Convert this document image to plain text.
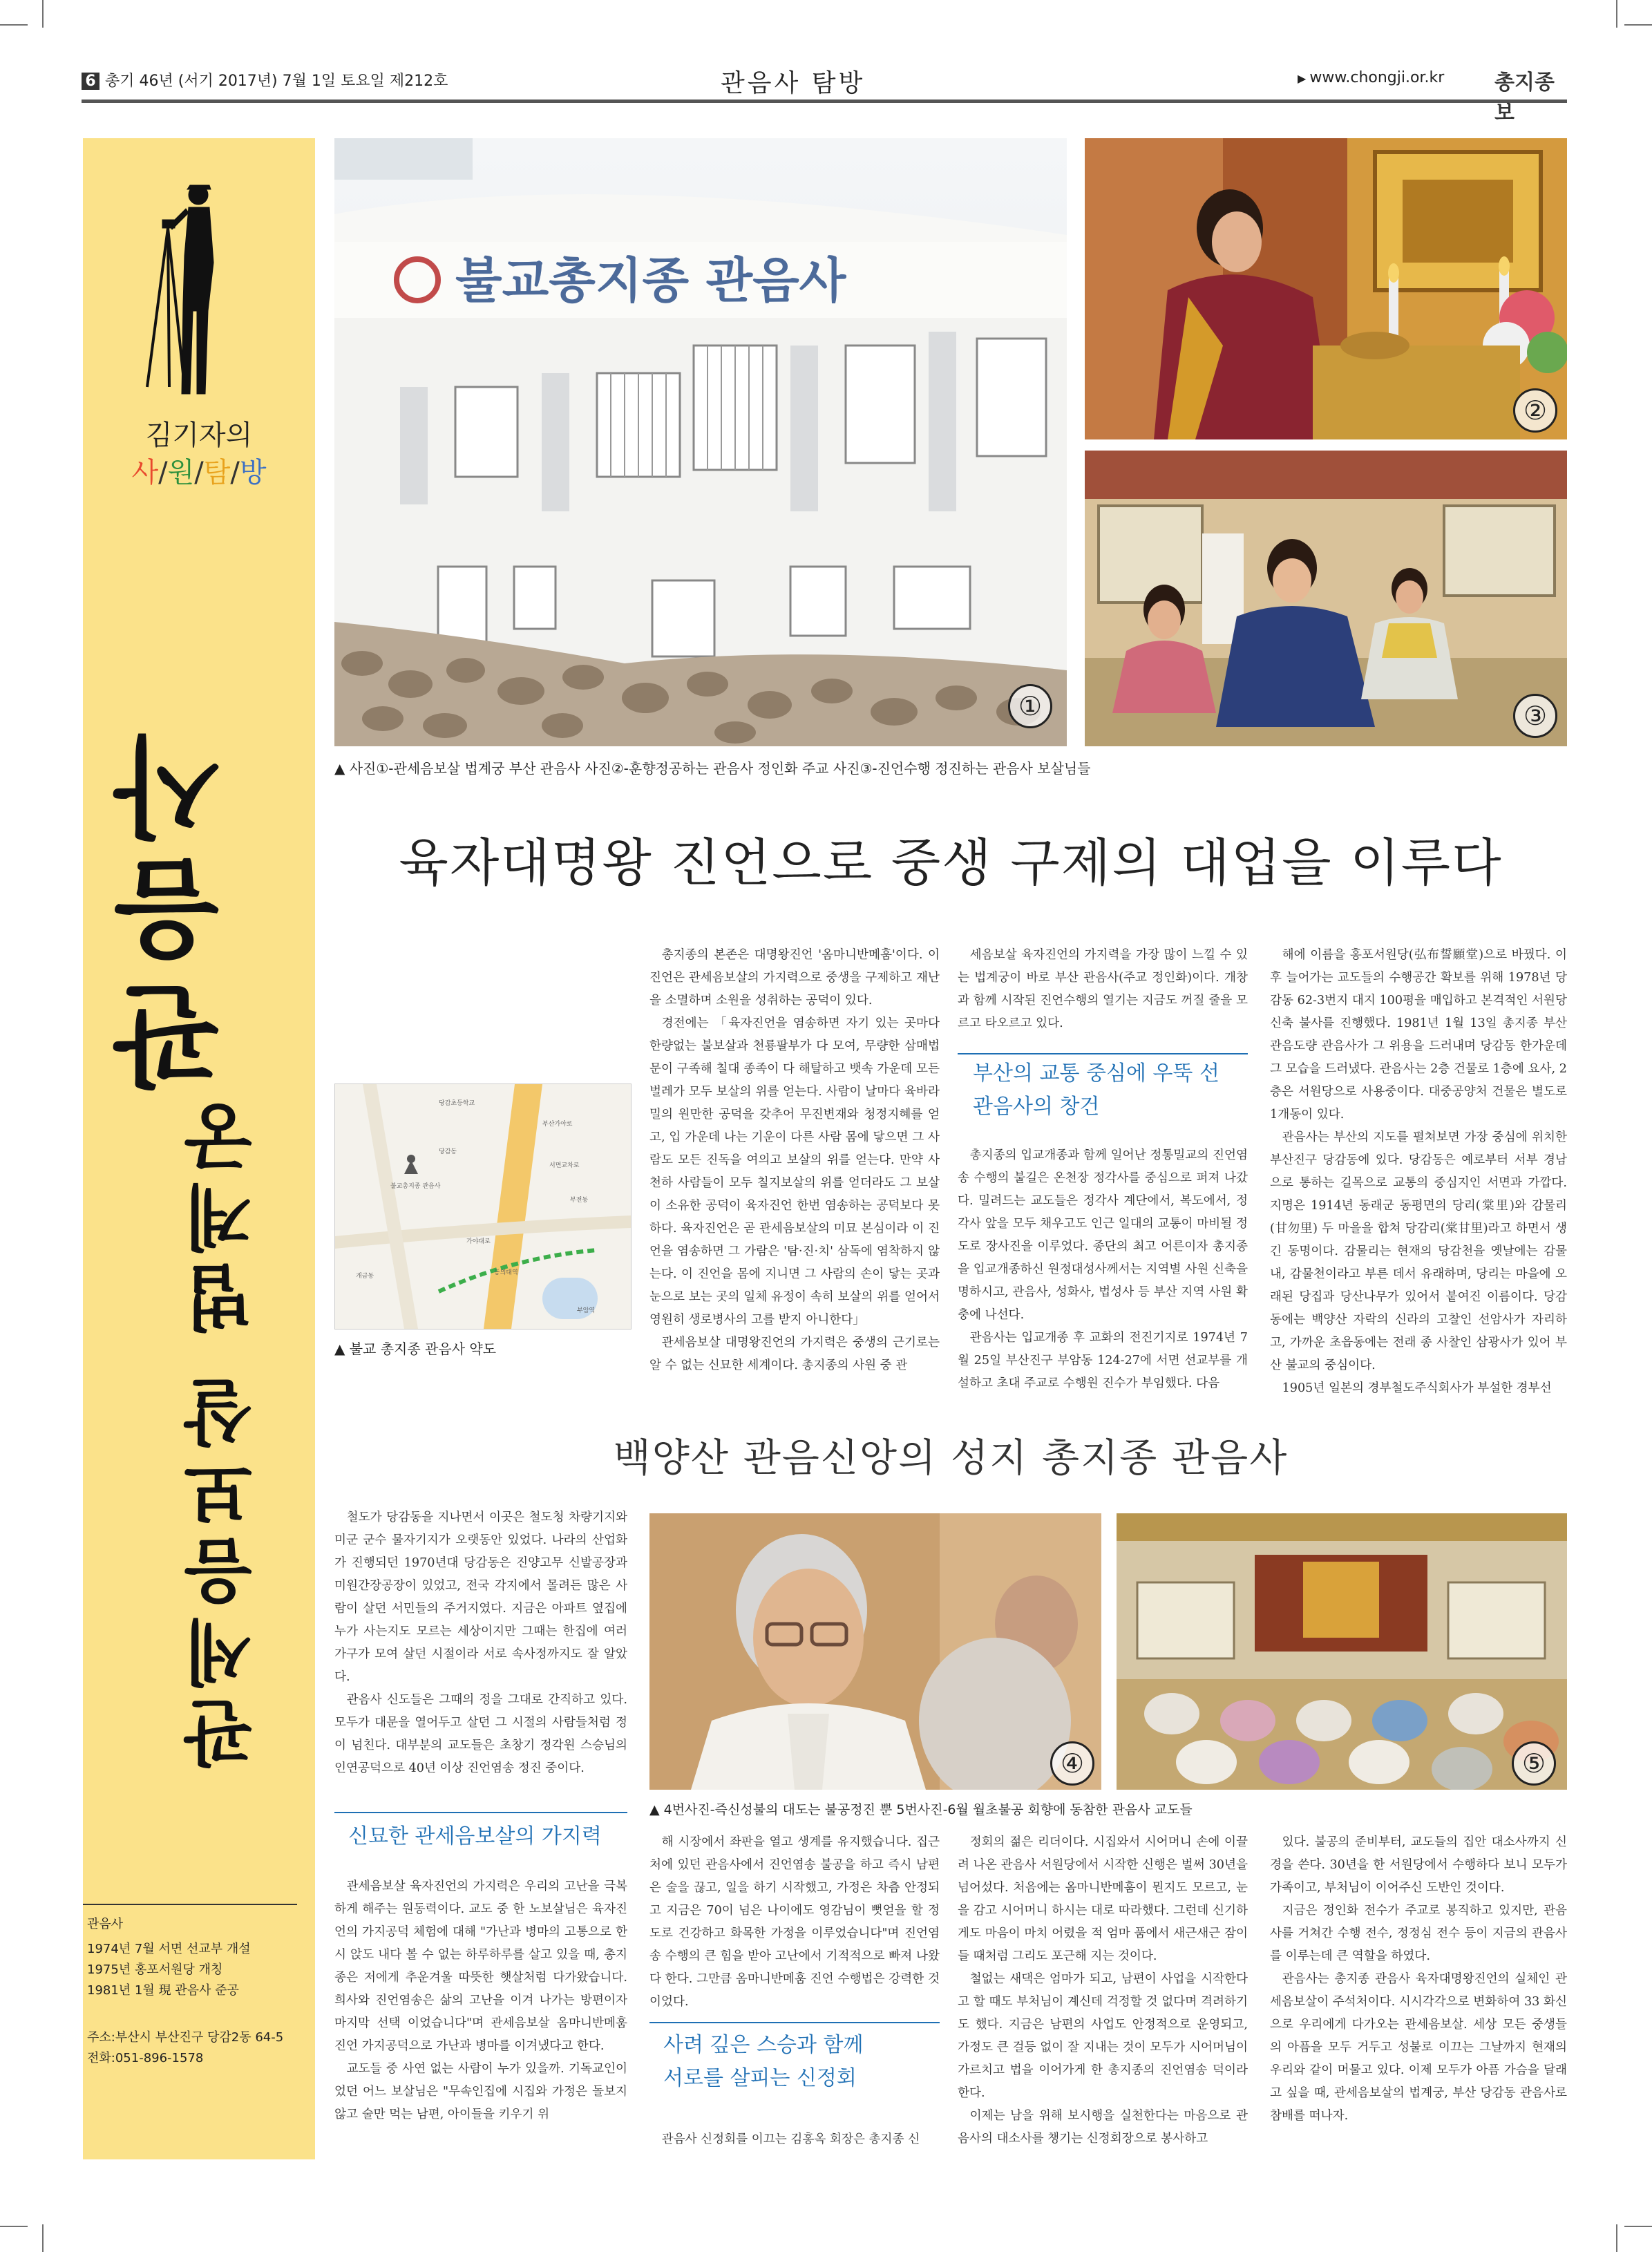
6 총기 46년 (서기 2017년) 7월 1일 토요일 제212호	관음사 탐방	▶ www.chongji.or.kr 총지종보
김기자의
사/원/탐/방
관세음보살 법계궁
관음사
관음사
1974년 7월 서면 선교부 개설
1975년 홍포서원당 개칭
1981년 1월 現 관음사 준공
주소:부산시 부산진구 당감2동 64-5
전화:051-896-1578
불교총지종 관음사
①
②
③
▲ 사진①-관세음보살 법계궁 부산 관음사 사진②-훈향정공하는 관음사 정인화 주교 사진③-진언수행 정진하는 관음사 보살님들
육자대명왕 진언으로 중생 구제의 대업을 이루다
당감초등학교
부산가야로
서면교차로
불교총지종 관음사
당감동
부전동
가야대로
개금동	동의대역
부암역
▲ 불교 총지종 관음사 약도

총지종의 본존은 대명왕진언 '옴마니반메훔'이다. 이 진언은 관세음보살의 가지력으로 중생을 구제하고 재난을 소멸하며 소원을 성취하는 공덕이 있다.

경전에는 「육자진언을 염송하면 자기 있는 곳마다 한량없는 불보살과 천룡팔부가 다 모여, 무량한 삼매법문이 구족해 칠대 종족이 다 해탈하고 뱃속 가운데 모든 벌레가 모두 보살의 위를 얻는다. 사람이 날마다 육바라밀의 원만한 공덕을 갖추어 무진변재와 청정지혜를 얻고, 입 가운데 나는 기운이 다른 사람 몸에 닿으면 그 사람도 모든 진독을 여의고 보살의 위를 얻는다. 만약 사천하 사람들이 모두 칠지보살의 위를 얻더라도 그 보살이 소유한 공덕이 육자진언 한번 염송하는 공덕보다 못하다. 육자진언은 곧 관세음보살의 미묘 본심이라 이 진언을 염송하면 그 가람은 '탐·진·치' 삼독에 염착하지 않는다. 이 진언을 몸에 지니면 그 사람의 손이 닿는 곳과 눈으로 보는 곳의 일체 유정이 속히 보살의 위를 얻어서 영원히 생로병사의 고를 받지 아니한다」

관세음보살 대명왕진언의 가지력은 중생의 근기로는 알 수 없는 신묘한 세계이다. 총지종의 사원 중 관

세음보살 육자진언의 가지력을 가장 많이 느낄 수 있는 법계궁이 바로 부산 관음사(주교 정인화)이다. 개창과 함께 시작된 진언수행의 열기는 지금도 꺼질 줄을 모르고 타오르고 있다.

부산의 교통 중심에 우뚝 선
관음사의 창건

총지종의 입교개종과 함께 일어난 정통밀교의 진언염송 수행의 불길은 온천장 정각사를 중심으로 퍼져 나갔다. 밀려드는 교도들은 정각사 계단에서, 복도에서, 정각사 앞을 모두 채우고도 인근 일대의 교통이 마비될 정도로 장사진을 이루었다. 종단의 최고 어른이자 총지종을 입교개종하신 원정대성사께서는 지역별 사원 신축을 명하시고, 관음사, 성화사, 법성사 등 부산 지역 사원 확충에 나선다.

관음사는 입교개종 후 교화의 전진기지로 1974년 7월 25일 부산진구 부암동 124-27에 서면 선교부를 개설하고 초대 주교로 수행원 진수가 부임했다. 다음

해에 이름을 홍포서원당(弘布誓願堂)으로 바꿨다. 이후 늘어가는 교도들의 수행공간 확보를 위해 1978년 당감동 62-3번지 대지 100평을 매입하고 본격적인 서원당 신축 불사를 진행했다. 1981년 1월 13일 총지종 부산 관음도량 관음사가 그 위용을 드러내며 당감동 한가운데 그 모습을 드러냈다. 관음사는 2층 건물로 1층에 요사, 2층은 서원당으로 사용중이다. 대중공양처 건물은 별도로 1개동이 있다.

관음사는 부산의 지도를 펼쳐보면 가장 중심에 위치한 부산진구 당감동에 있다. 당감동은 예로부터 서부 경남으로 통하는 길목으로 교통의 중심지인 서면과 가깝다. 지명은 1914년 동래군 동평면의 당리(棠里)와 감물리(甘勿里) 두 마을을 합쳐 당감리(棠甘里)라고 하면서 생긴 동명이다. 감물리는 현재의 당감천을 옛날에는 감물내, 감물천이라고 부른 데서 유래하며, 당리는 마을에 오래된 당집과 당산나무가 있어서 붙여진 이름이다. 당감동에는 백양산 자락의 신라의 고찰인 선암사가 자리하고, 가까운 초읍동에는 전래 종 사찰인 삼광사가 있어 부산 불교의 중심이다.

1905년 일본의 경부철도주식회사가 부설한 경부선

백양산 관음신앙의 성지 총지종 관음사

철도가 당감동을 지나면서 이곳은 철도청 차량기지와 미군 군수 물자기지가 오랫동안 있었다. 나라의 산업화가 진행되던 1970년대 당감동은 진양고무 신발공장과 미원간장공장이 있었고, 전국 각지에서 몰려든 많은 사람이 살던 서민들의 주거지였다. 지금은 아파트 옆집에 누가 사는지도 모르는 세상이지만 그때는 한집에 여러 가구가 모여 살던 시절이라 서로 속사정까지도 잘 알았다.

관음사 신도들은 그때의 정을 그대로 간직하고 있다. 모두가 대문을 열어두고 살던 그 시절의 사람들처럼 정이 넘친다. 대부분의 교도들은 초창기 정각원 스승님의 인연공덕으로 40년 이상 진언염송 정진 중이다.

신묘한 관세음보살의 가지력

관세음보살 육자진언의 가지력은 우리의 고난을 극복하게 해주는 원동력이다. 교도 중 한 노보살님은 육자진언의 가지공덕 체험에 대해 "가난과 병마의 고통으로 한시 앉도 내다 볼 수 없는 하루하루를 살고 있을 때, 총지종은 저에게 추운겨울 따뜻한 햇살처럼 다가왔습니다. 희사와 진언염송은 삶의 고난을 이겨 나가는 방편이자 마지막 선택 이었습니다"며 관세음보살 옴마니반메훔 진언 가지공덕으로 가난과 병마를 이겨냈다고 한다.

교도들 중 사연 없는 사람이 누가 있을까. 기독교인이었던 어느 보살님은 "무속인집에 시집와 가정은 돌보지 않고 술만 먹는 남편, 아이들을 키우기 위

④	⑤
▲ 4번사진-즉신성불의 대도는 불공정진 뿐 5번사진-6월 월초불공 회향에 동참한 관음사 교도들

해 시장에서 좌판을 열고 생계를 유지했습니다. 집근처에 있던 관음사에서 진언염송 불공을 하고 즉시 남편은 술을 끊고, 일을 하기 시작했고, 가정은 차츰 안정되고 지금은 70이 넘은 나이에도 영감님이 뻣얻을 할 정도로 건강하고 화목한 가정을 이루었습니다"며 진언염송 수행의 큰 힘을 받아 고난에서 기적적으로 빠져 나왔다 한다. 그만큼 옴마니반메훔 진언 수행법은 강력한 것이었다.

사려 깊은 스승과 함께
서로를 살피는 신정회

관음사 신정회를 이끄는 김홍옥 회장은 총지종 신

정회의 젊은 리더이다. 시집와서 시어머니 손에 이끌려 나온 관음사 서원당에서 시작한 신행은 벌써 30년을 넘어섰다. 처음에는 옴마니반메훔이 뭔지도 모르고, 눈을 감고 시어머니 하시는 대로 따라했다. 그런데 신기하게도 마음이 마치 어렸을 적 엄마 품에서 새근새근 잠이 들 때처럼 그리도 포근해 지는 것이다.

철없는 새댁은 엄마가 되고, 남편이 사업을 시작한다고 할 때도 부처님이 계신데 걱정할 것 없다며 격려하기도 했다. 지금은 남편의 사업도 안정적으로 운영되고, 가정도 큰 걸등 없이 잘 지내는 것이 모두가 시어머님이 가르치고 법을 이어가게 한 총지종의 진언염송 덕이라 한다.

이제는 남을 위해 보시행을 실천한다는 마음으로 관음사의 대소사를 챙기는 신정회장으로 봉사하고

있다. 불공의 준비부터, 교도들의 집안 대소사까지 신경을 쓴다. 30년을 한 서원당에서 수행하다 보니 모두가 가족이고, 부처님이 이어주신 도반인 것이다.

지금은 정인화 전수가 주교로 봉직하고 있지만, 관음사를 거쳐간 수행 전수, 정정심 전수 등이 지금의 관음사를 이루는데 큰 역할을 하였다.

관음사는 총지종 관음사 육자대명왕진언의 실체인 관세음보살이 주석처이다. 시시각각으로 변화하여 33 화신으로 우리에게 다가오는 관세음보살. 세상 모든 중생들의 아픔을 모두 거두고 성불로 이끄는 그날까지 현재의 우리와 같이 머물고 있다. 이제 모두가 아픔 가슴을 달래고 싶을 때, 관세음보살의 법계궁, 부산 당감동 관음사로 참배를 떠나자.
